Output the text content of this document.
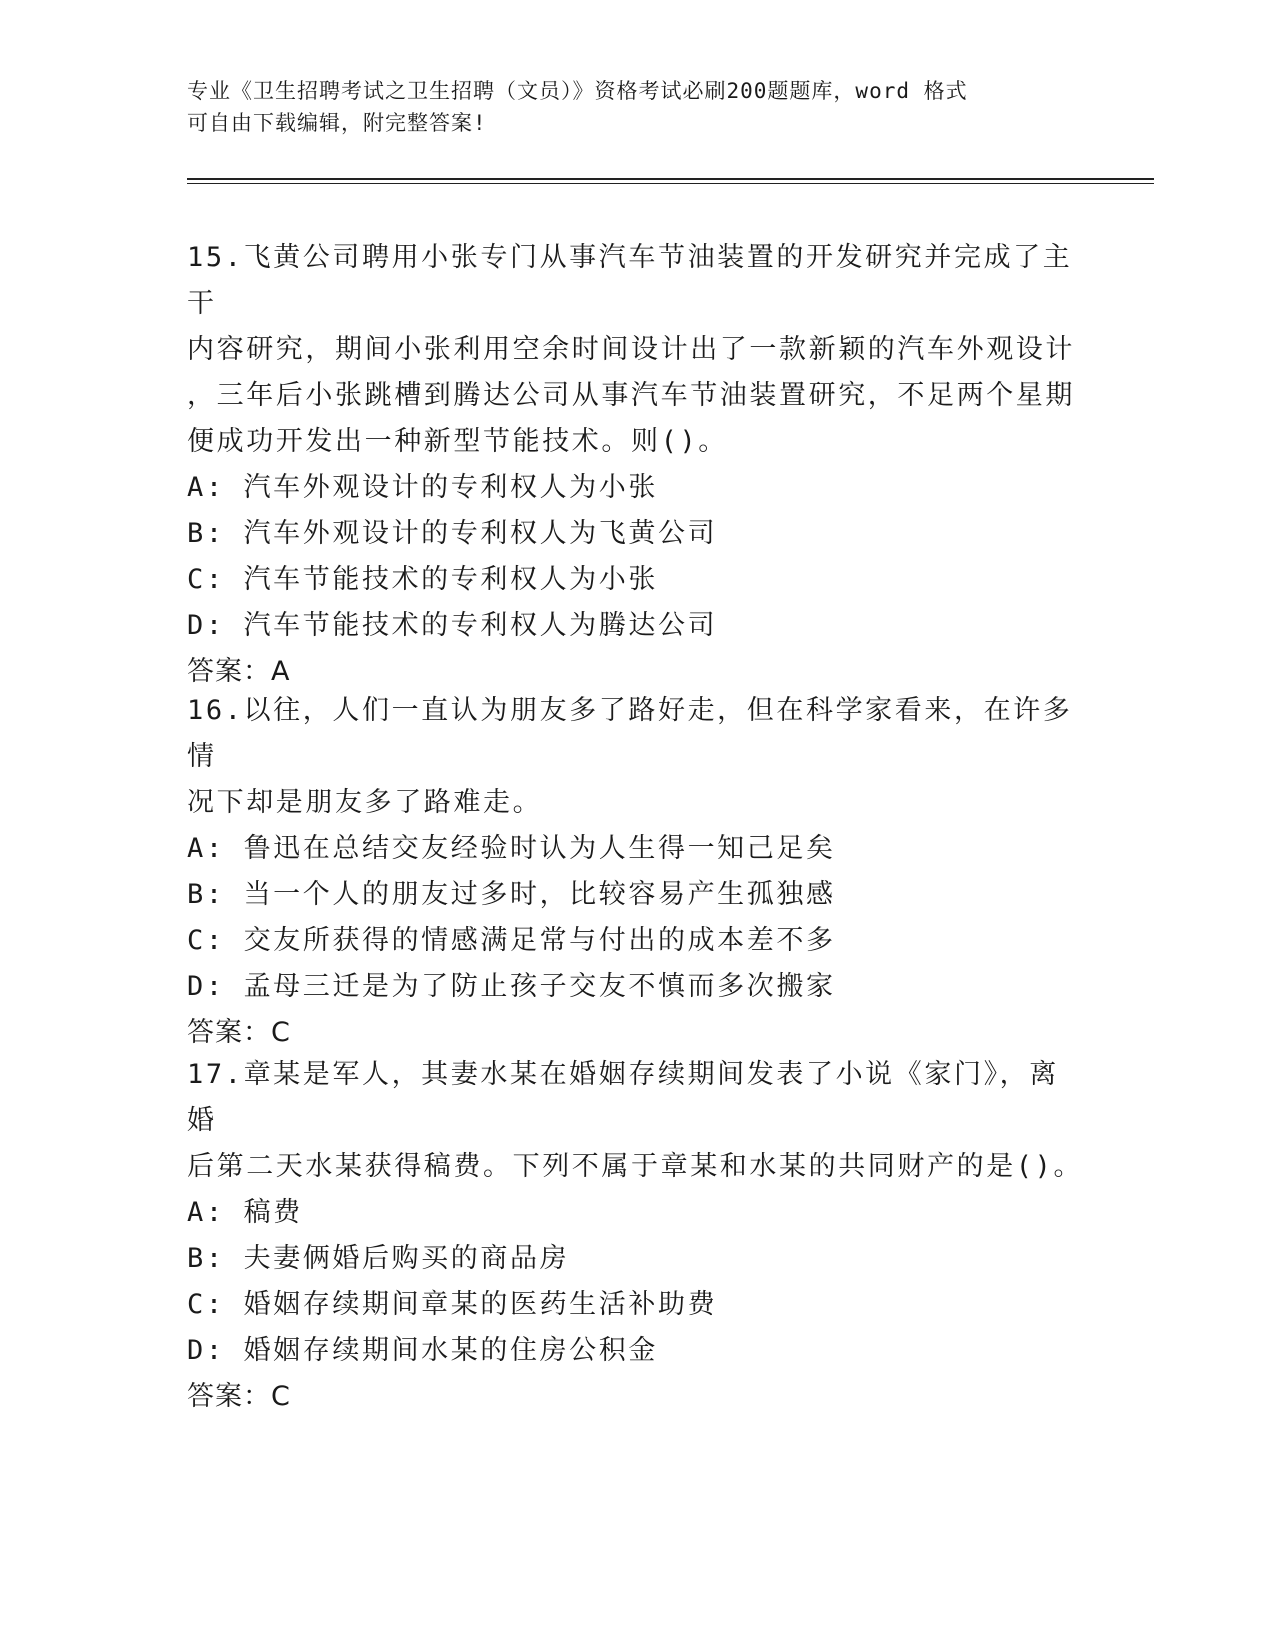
专业《卫生招聘考试之卫生招聘（文员）》资格考试必刷200题题库，word 格式
可自由下载编辑，附完整答案!

15.飞黄公司聘用小张专门从事汽车节油装置的开发研究并完成了主干

内容研究，期间小张利用空余时间设计出了一款新颖的汽车外观设计

，三年后小张跳槽到腾达公司从事汽车节油装置研究，不足两个星期

便成功开发出一种新型节能技术。则()。

A: 汽车外观设计的专利权人为小张

B: 汽车外观设计的专利权人为飞黄公司

C: 汽车节能技术的专利权人为小张

D: 汽车节能技术的专利权人为腾达公司

答案：A

16.以往，人们一直认为朋友多了路好走，但在科学家看来，在许多情

况下却是朋友多了路难走。

A: 鲁迅在总结交友经验时认为人生得一知己足矣

B: 当一个人的朋友过多时，比较容易产生孤独感

C: 交友所获得的情感满足常与付出的成本差不多

D: 孟母三迁是为了防止孩子交友不慎而多次搬家

答案：C

17.章某是军人，其妻水某在婚姻存续期间发表了小说《家门》，离婚

后第二天水某获得稿费。下列不属于章某和水某的共同财产的是()。

A: 稿费

B: 夫妻俩婚后购买的商品房

C: 婚姻存续期间章某的医药生活补助费

D: 婚姻存续期间水某的住房公积金

答案：C
